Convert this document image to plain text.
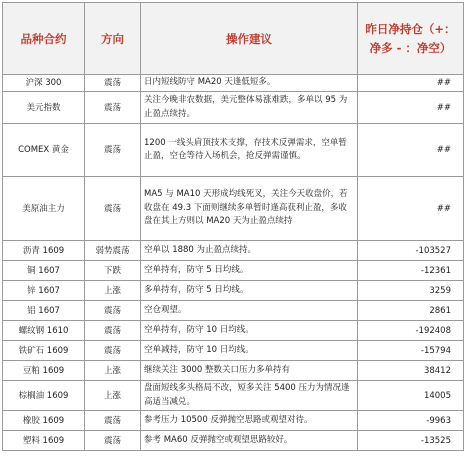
品种合约	方向	操作建议	昨日净持仓（+：
净多 - ：净空）
沪深 300	震荡	日内短线防守 MA20 天逢低短多。	##
美元指数	震荡	关注今晚非农数据，美元整体易涨难跌，多单以 95 为止盈点续持。	##
COMEX 黄金	震荡	1200 一线头肩顶技术支撑，存技术反弹需求，空单暂止盈，空仓等待入场机会，抢反弹需谨慎。	##
美原油主力	震荡	MA5 与 MA10 天形成均线死叉，关注今天收盘价，若收盘在 49.3 下面则继续多单暂时逢高获利止盈，多收盘在其上方则以 MA20 天为止盈点续持	##
沥青 1609	弱势震荡	空单以 1880 为止盈点续持。	-103527
铜 1607	下跌	空单持有，防守 5 日均线。	-12361
锌 1607	上涨	多单持有，防守 5 日均线。	3259
铝 1607	震荡	空仓观望。	2861
螺纹钢 1610	震荡	空单持有，防守 10 日均线。	-192408
铁矿石 1609	震荡	空单减持，防守 10 日均线。	-15794
豆粕 1609	上涨	继续关注 3000 整数关口压力多单持有	38412
棕榈油 1609	上涨	盘面短线多头格局不改，短多关注 5400 压力为情况逢高适当减兑。	14005
橡胶 1609	震荡	参考压力 10500 反弹抛空思路或观望对待。	-9963
塑料 1609	震荡	参考 MA60 反弹抛空或观望思路较好。	-13525
